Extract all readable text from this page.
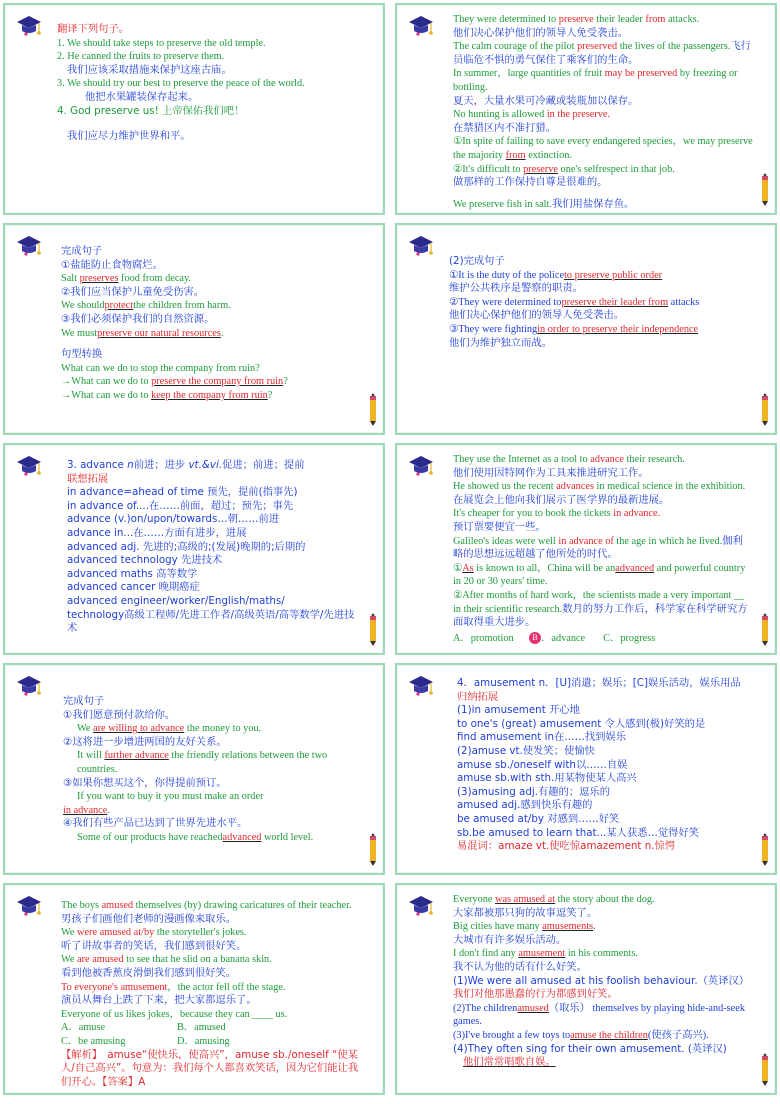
翻译下列句子。

1. We should take steps to preserve the old temple.

2. He canned the fruits to preserve them.

我们应该采取措施来保护这座古庙。

3. We should try our best to preserve the peace of the world.

他把水果罐装保存起来。

4. God preserve us! 上帝保佑我们吧！

我们应尽力维护世界和平。

They were determined to preserve their leader from attacks.

他们决心保护他们的领导人免受袭击。

The calm courage of the pilot preserved the lives of the passengers.飞行员临危不惧的勇气保住了乘客们的生命。

In summer，large quantities of fruit may be preserved by freezing or bottling.

夏天，大量水果可冷藏或装瓶加以保存。

No hunting is allowed in the preserve.

在禁猎区内不准打猎。

①In spite of failing to save every endangered species，we may preserve the majority from extinction.

②It's difficult to preserve one's selfrespect in that job.

做那样的工作保持自尊是很难的。

We preserve fish in salt.我们用盐保存鱼。

完成句子

①盐能防止食物腐烂。

Salt preserves food from decay.

②我们应当保护儿童免受伤害。

We shouldprotectthe children from harm.

③我们必须保护我们的自然资源。

We mustpreserve our natural resources.

句型转换

What can we do to stop the company from ruin?

→What can we do to preserve the company from ruin?

→What can we do to keep the company from ruin?

(2)完成句子

①It is the duty of the policeto preserve public order

维护公共秩序是警察的职责。

②They were determined topreserve their leader from attacks

他们决心保护他们的领导人免受袭击。

③They were fightingin order to preserve their independence

他们为维护独立而战。

3. advance n前进；进步 vt.&vi.促进；前进；提前

联想拓展

in advance=ahead of time 预先，提前(指事先)

in advance of....在……前面，超过；预先；事先

advance (v.)on/upon/towards…朝……前进

advance in...在……方面有进步，进展

advanced adj. 先进的;高级的;(发展)晚期的;后期的

advanced technology 先进技术

advanced maths 高等数学

advanced cancer 晚期癌症

advanced engineer/worker/English/maths/

technology高级工程师/先进工作者/高级英语/高等数学/先进技术

They use the Internet as a tool to advance their research.

他们使用因特网作为工具来推进研究工作。

He showed us the recent advances in medical science in the exhibition.

在展览会上他向我们展示了医学界的最新进展。

It's cheaper for you to book the tickets in advance.

预订票要便宜一些。

Galileo's ideas were well in advance of the age in which he lived.伽利略的思想远远超越了他所处的时代。

①As is known to all，China will be anadvanced and powerful country in 20 or 30 years' time.

②After months of hard work，the scientists made a very important __ in their scientific research.数月的努力工作后，科学家在科学研究方面取得重大进步。

A．promotion B ．advance C．progress

完成句子

①我们愿意预付款给你。

We are willing to advance the money to you.

②这将进一步增进两国的友好关系。

It will further advance the friendly relations between the two countries.

③如果你想买这个，你得提前预订。

If you want to buy it you must make an order

in advance.

④我们有些产品已达到了世界先进水平。

Some of our products have reachedadvanced world level.

4．amusement n．[U]消遣；娱乐；[C]娱乐活动，娱乐用品

归纳拓展

(1)in amusement 开心地

to one's (great) amusement 令人感到(极)好笑的是

find amusement in在……找到娱乐

(2)amuse vt.使发笑；使愉快

amuse sb./oneself with以……自娱

amuse sb.with sth.用某物使某人高兴

(3)amusing adj.有趣的；逗乐的

amused adj.感到快乐有趣的

be amused at/by 对感到……好笑

sb.be amused to learn that...某人获悉…觉得好笑

易混词：amaze vt.使吃惊amazement n.惊愕

The boys amused themselves (by) drawing caricatures of their teacher.男孩子们画他们老师的漫画像来取乐。

We were amused at/by the storyteller's jokes.

听了讲故事者的笑话，我们感到很好笑。

We are amused to see that he slid on a banana skin.

看到他被香蕉皮滑倒我们感到很好笑。

To everyone's amusement，the actor fell off the stage.

演员从舞台上跌了下来，把大家都逗乐了。

Everyone of us likes jokes，because they can ____ us.

A．amuse	B．amused

C．be amusing	D．amusing

【解析】　amuse“使快乐，使高兴”，amuse sb./oneself “使某人/自己高兴”。句意为：我们每个人都喜欢笑话，因为它们能让我们开心。【答案】A

Everyone was amused at the story about the dog.

大家都被那只狗的故事逗笑了。

Big cities have many amusements.

大城市有许多娱乐活动。

I don't find any amusement in his comments.

我不认为他的话有什么好笑。

(1)We were all amused at his foolish behaviour.（英译汉）

我们对他那愚蠢的行为都感到好笑。

(2)The childrenamused（取乐） themselves by playing hide-and-seek games.

(3)I've brought a few toys toamuse the children(使孩子高兴).

(4)They often sing for their own amusement. (英译汉)

他们常常唱歌自娱。
